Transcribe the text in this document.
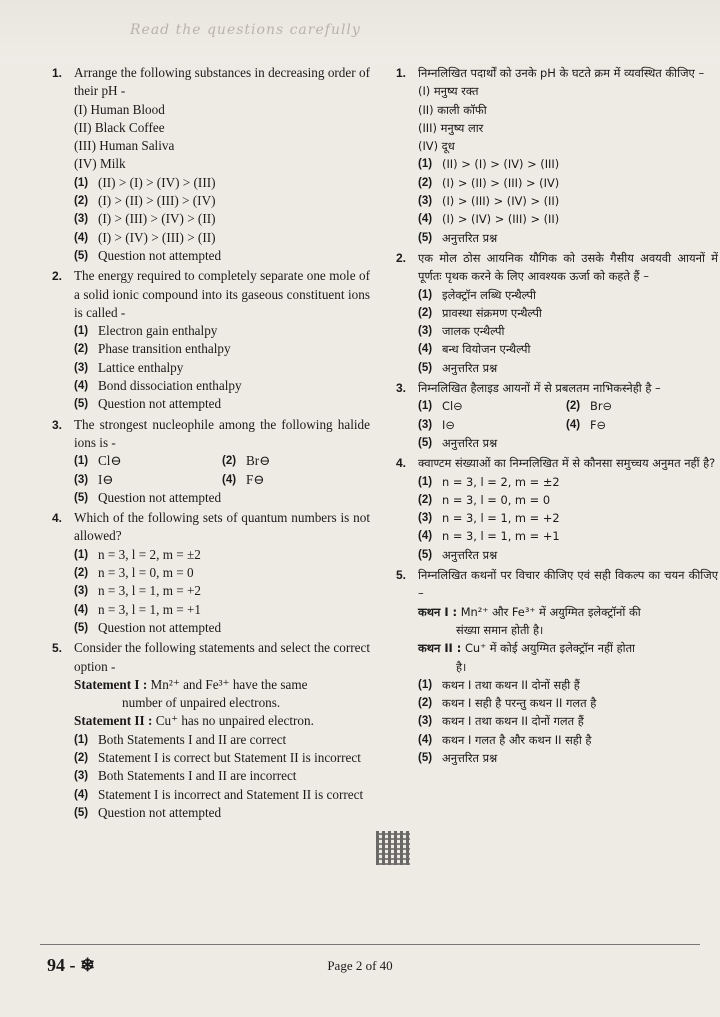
Read the questions carefully
1. Arrange the following substances in decreasing order of their pH -
(I) Human Blood
(II) Black Coffee
(III) Human Saliva
(IV) Milk
(1) (II) > (I) > (IV) > (III)
(2) (I) > (II) > (III) > (IV)
(3) (I) > (III) > (IV) > (II)
(4) (I) > (IV) > (III) > (II)
(5) Question not attempted
2. The energy required to completely separate one mole of a solid ionic compound into its gaseous constituent ions is called -
(1) Electron gain enthalpy
(2) Phase transition enthalpy
(3) Lattice enthalpy
(4) Bond dissociation enthalpy
(5) Question not attempted
3. The strongest nucleophile among the following halide ions is -
(1) Cl⊖	(2) Br⊖
(3) I⊖	(4) F⊖
(5) Question not attempted
4. Which of the following sets of quantum numbers is not allowed?
(1) n = 3, l = 2, m = ±2
(2) n = 3, l = 0, m = 0
(3) n = 3, l = 1, m = +2
(4) n = 3, l = 1, m = +1
(5) Question not attempted
5. Consider the following statements and select the correct option -
Statement I : Mn²⁺ and Fe³⁺ have the same
number of unpaired electrons.
Statement II : Cu⁺ has no unpaired electron.
(1) Both Statements I and II are correct
(2) Statement I is correct but Statement II is incorrect
(3) Both Statements I and II are incorrect
(4) Statement I is incorrect and Statement II is correct
(5) Question not attempted
1.	निम्नलिखित पदार्थों को उनके pH के घटते क्रम में व्यवस्थित कीजिए –
(I) मनुष्य रक्त
(II) काली कॉफी
(III) मनुष्य लार
(IV) दूध
(1) (II) > (I) > (IV) > (III)
(2) (I) > (II) > (III) > (IV)
(3) (I) > (III) > (IV) > (II)
(4) (I) > (IV) > (III) > (II)
(5) अनुत्तरित प्रश्न
2.	एक मोल ठोस आयनिक यौगिक को उसके गैसीय अवयवी आयनों में पूर्णतः पृथक करने के लिए आवश्यक ऊर्जा को कहते हैं –
(1) इलेक्ट्रॉन लब्धि एन्थैल्पी
(2) प्रावस्था संक्रमण एन्थैल्पी
(3) जालक एन्थैल्पी
(4) बन्ध वियोजन एन्थैल्पी
(5) अनुत्तरित प्रश्न
3.	निम्नलिखित हैलाइड आयनों में से प्रबलतम नाभिकस्नेही है –
(1) Cl⊖	(2) Br⊖
(3) I⊖	(4) F⊖
(5) अनुत्तरित प्रश्न
4.	क्वाण्टम संख्याओं का निम्नलिखित में से कौनसा समुच्चय अनुमत नहीं है?
(1) n = 3, l = 2, m = ±2
(2) n = 3, l = 0, m = 0
(3) n = 3, l = 1, m = +2
(4) n = 3, l = 1, m = +1
(5) अनुत्तरित प्रश्न
5.	निम्नलिखित कथनों पर विचार कीजिए एवं सही विकल्प का चयन कीजिए –
कथन I : Mn²⁺ और Fe³⁺ में अयुग्मित इलेक्ट्रॉनों की
संख्या समान होती है।
कथन II : Cu⁺ में कोई अयुग्मित इलेक्ट्रॉन नहीं होता
है।
(1) कथन I तथा कथन II दोनों सही हैं
(2) कथन I सही है परन्तु कथन II गलत है
(3) कथन I तथा कथन II दोनों गलत हैं
(4) कथन I गलत है और कथन II सही है
(5) अनुत्तरित प्रश्न
94 - ❄	Page 2 of 40
